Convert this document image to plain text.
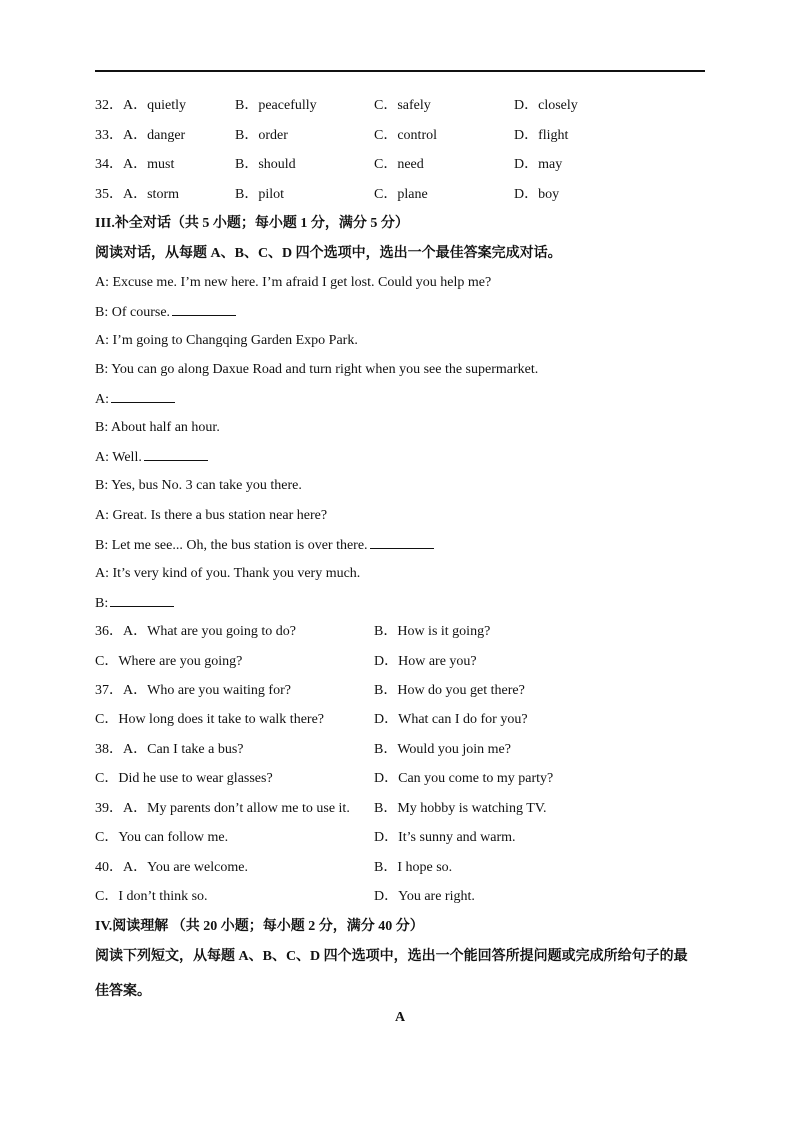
32． A．quietly	B．peacefully	C．safely	D．closely
33． A．danger	B．order	C．control	D．flight
34． A．must	B．should	C．need	D．may
35． A．storm	B．pilot	C．plane	D．boy
III.补全对话（共 5 小题；每小题 1 分，满分 5 分）
阅读对话，从每题 A、B、C、D 四个选项中，选出一个最佳答案完成对话。
A: Excuse me. I’m new here. I’m afraid I get lost. Could you help me?
B: Of course.
A: I’m going to Changqing Garden Expo Park.
B: You can go along Daxue Road and turn right when you see the supermarket.
A:
B: About half an hour.
A: Well.
B: Yes, bus No. 3 can take you there.
A: Great. Is there a bus station near here?
B: Let me see... Oh, the bus station is over there.
A: It’s very kind of you. Thank you very much.
B:
36．A．What are you going to do?	B．How is it going?
C．Where are you going?	D．How are you?
37．A．Who are you waiting for?	B．How do you get there?
C．How long does it take to walk there?	D．What can I do for you?
38．A．Can I take a bus?	B．Would you join me?
C．Did he use to wear glasses?	D．Can you come to my party?
39．A．My parents don’t allow me to use it. B．My hobby is watching TV.
C．You can follow me.	D．It’s sunny and warm.
40．A．You are welcome.	B．I hope so.
C．I don’t think so.	D．You are right.
IV.阅读理解 （共 20 小题；每小题 2 分，满分 40 分）
阅读下列短文，从每题 A、B、C、D 四个选项中，选出一个能回答所提问题或完成所给句子的最
佳答案。
A
